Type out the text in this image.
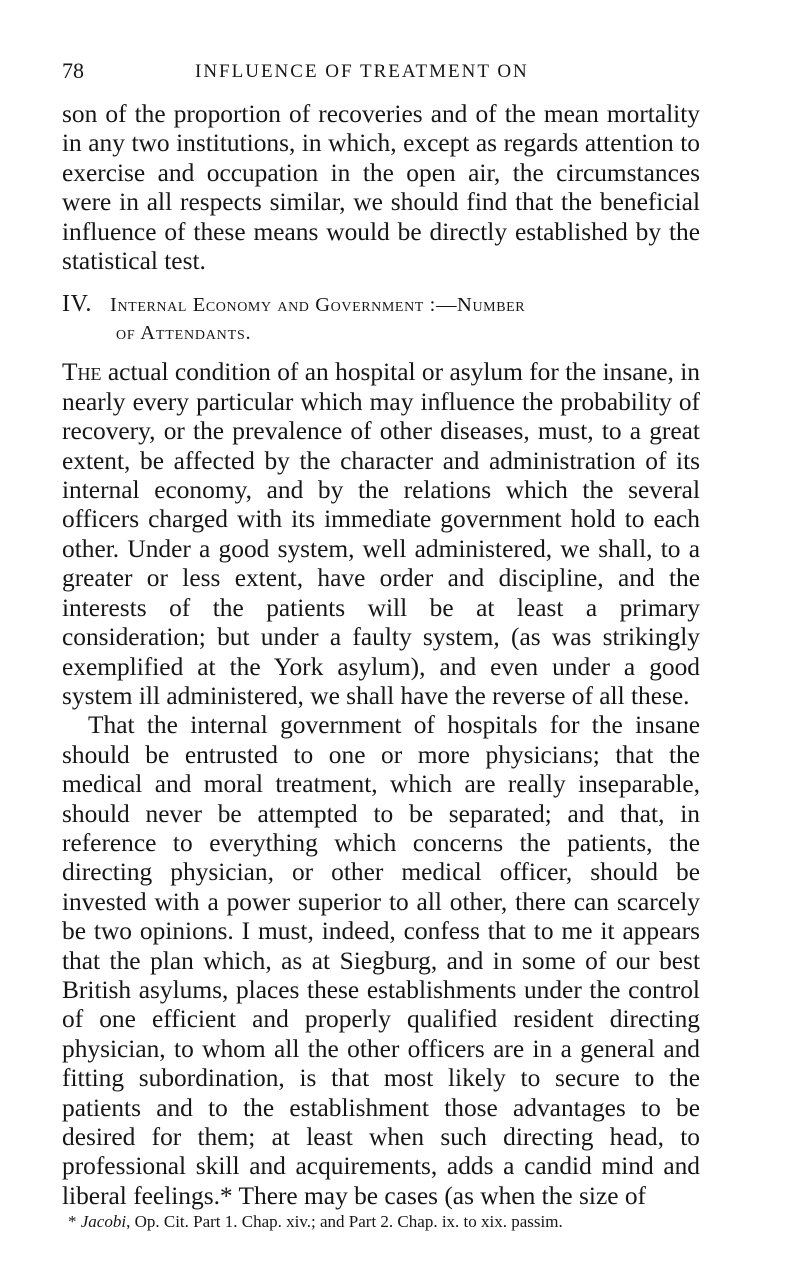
78	INFLUENCE OF TREATMENT ON

son of the proportion of recoveries and of the mean mortality in any two institutions, in which, except as regards attention to exercise and occupation in the open air, the circumstances were in all respects similar, we should find that the beneficial influence of these means would be directly established by the statistical test.

IV. Internal Economy and Government :—Number
of Attendants.

The actual condition of an hospital or asylum for the insane, in nearly every particular which may influence the probability of recovery, or the prevalence of other diseases, must, to a great extent, be affected by the character and administration of its internal economy, and by the relations which the several officers charged with its immediate government hold to each other. Under a good system, well administered, we shall, to a greater or less extent, have order and discipline, and the interests of the patients will be at least a primary consideration; but under a faulty system, (as was strikingly exemplified at the York asylum), and even under a good system ill administered, we shall have the reverse of all these.

That the internal government of hospitals for the insane should be entrusted to one or more physicians; that the medical and moral treatment, which are really inseparable, should never be attempted to be separated; and that, in reference to everything which concerns the patients, the directing physician, or other medical officer, should be invested with a power superior to all other, there can scarcely be two opinions. I must, indeed, confess that to me it appears that the plan which, as at Siegburg, and in some of our best British asylums, places these establishments under the control of one efficient and properly qualified resident directing physician, to whom all the other officers are in a general and fitting subordination, is that most likely to secure to the patients and to the establishment those advantages to be desired for them; at least when such directing head, to professional skill and acquirements, adds a candid mind and liberal feelings.* There may be cases (as when the size of

* Jacobi, Op. Cit. Part 1. Chap. xiv.; and Part 2. Chap. ix. to xix. passim.
